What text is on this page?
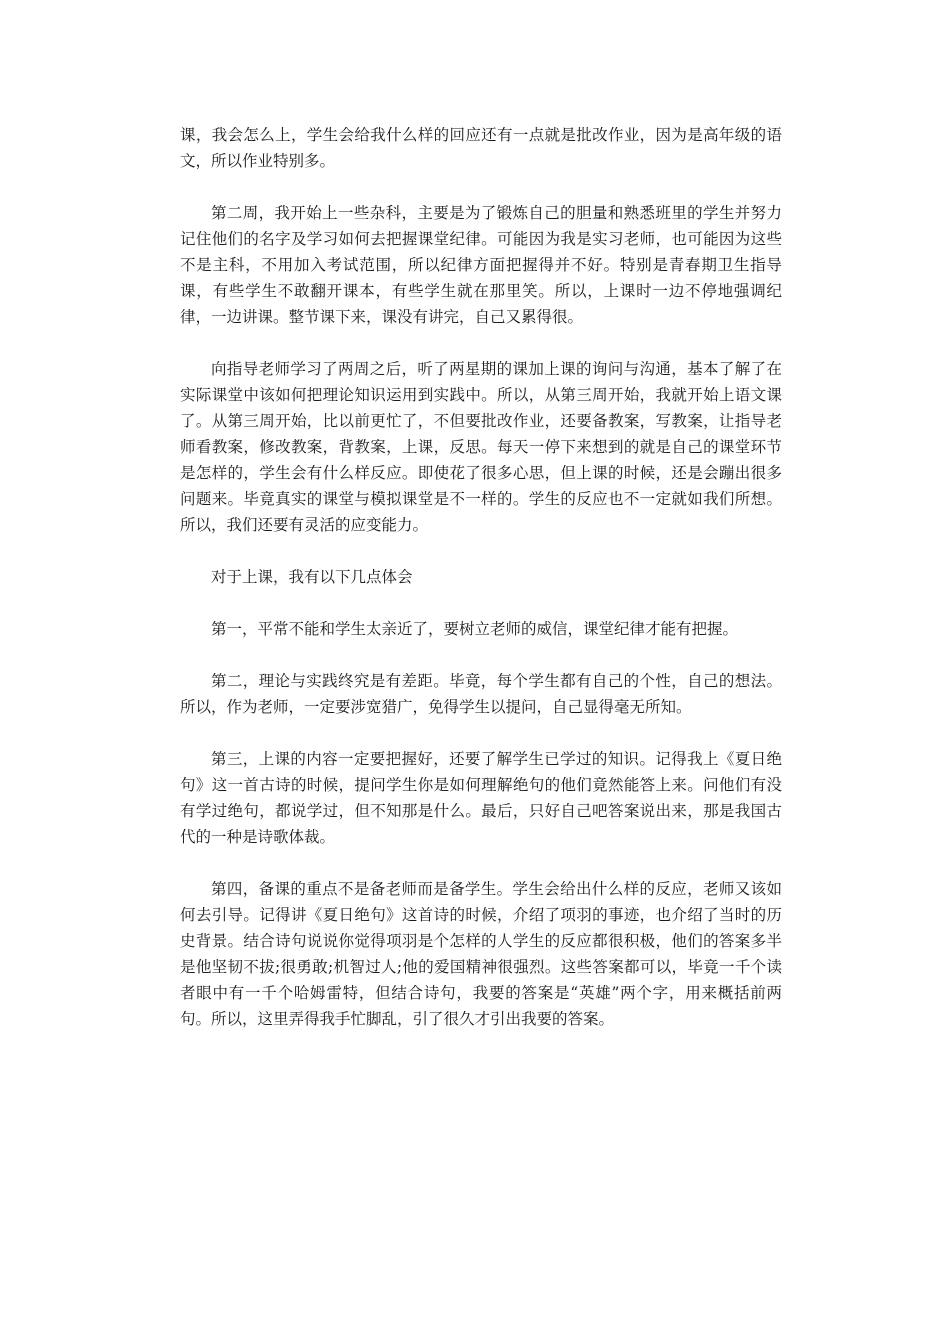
课，我会怎么上，学生会给我什么样的回应还有一点就是批改作业，因为是高年级的语文，所以作业特别多。

第二周，我开始上一些杂科，主要是为了锻炼自己的胆量和熟悉班里的学生并努力记住他们的名字及学习如何去把握课堂纪律。可能因为我是实习老师，也可能因为这些不是主科，不用加入考试范围，所以纪律方面把握得并不好。特别是青春期卫生指导课，有些学生不敢翻开课本，有些学生就在那里笑。所以，上课时一边不停地强调纪律，一边讲课。整节课下来，课没有讲完，自己又累得很。

向指导老师学习了两周之后，听了两星期的课加上课的询问与沟通，基本了解了在实际课堂中该如何把理论知识运用到实践中。所以，从第三周开始，我就开始上语文课了。从第三周开始，比以前更忙了，不但要批改作业，还要备教案，写教案，让指导老师看教案，修改教案，背教案，上课，反思。每天一停下来想到的就是自己的课堂环节是怎样的，学生会有什么样反应。即使花了很多心思，但上课的时候，还是会蹦出很多问题来。毕竟真实的课堂与模拟课堂是不一样的。学生的反应也不一定就如我们所想。所以，我们还要有灵活的应变能力。

对于上课，我有以下几点体会

第一，平常不能和学生太亲近了，要树立老师的威信，课堂纪律才能有把握。

第二，理论与实践终究是有差距。毕竟，每个学生都有自己的个性，自己的想法。所以，作为老师，一定要涉宽猎广，免得学生以提问，自己显得毫无所知。

第三，上课的内容一定要把握好，还要了解学生已学过的知识。记得我上《夏日绝句》这一首古诗的时候，提问学生你是如何理解绝句的他们竟然能答上来。问他们有没有学过绝句，都说学过，但不知那是什么。最后，只好自己吧答案说出来，那是我国古代的一种是诗歌体裁。

第四，备课的重点不是备老师而是备学生。学生会给出什么样的反应，老师又该如何去引导。记得讲《夏日绝句》这首诗的时候，介绍了项羽的事迹，也介绍了当时的历史背景。结合诗句说说你觉得项羽是个怎样的人学生的反应都很积极，他们的答案多半是他坚韧不拔;很勇敢;机智过人;他的爱国精神很强烈。这些答案都可以，毕竟一千个读者眼中有一千个哈姆雷特，但结合诗句，我要的答案是“英雄”两个字，用来概括前两句。所以，这里弄得我手忙脚乱，引了很久才引出我要的答案。
